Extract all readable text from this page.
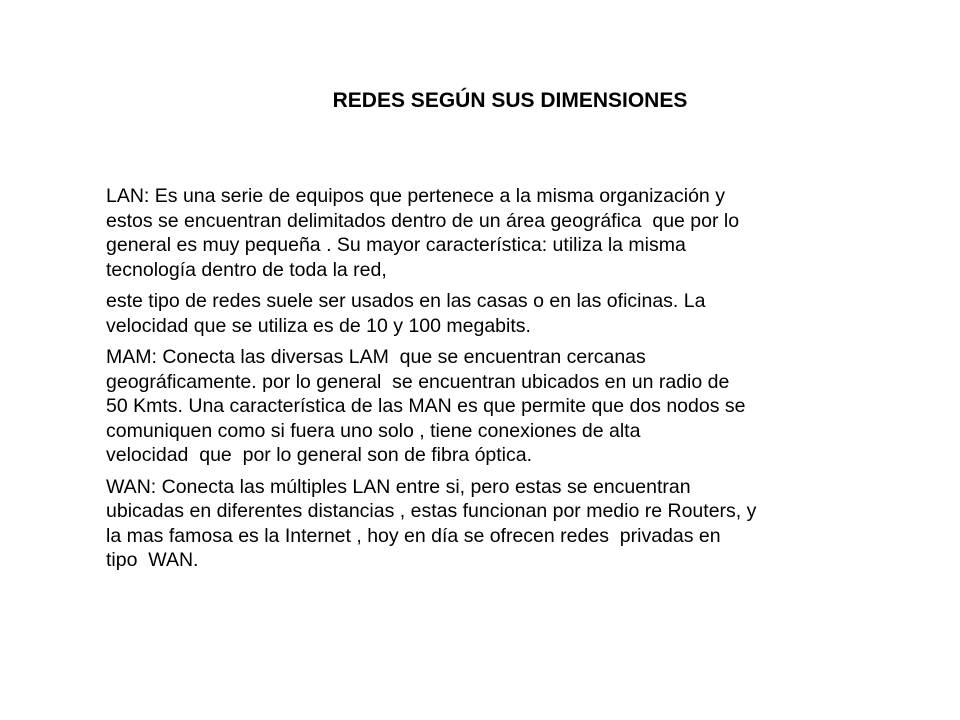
REDES SEGÚN SUS DIMENSIONES

LAN: Es una serie de equipos que pertenece a la misma organización y
estos se encuentran delimitados dentro de un área geográfica  que por lo
general es muy pequeña . Su mayor característica: utiliza la misma
tecnología dentro de toda la red,

este tipo de redes suele ser usados en las casas o en las oficinas. La
velocidad que se utiliza es de 10 y 100 megabits.

MAM: Conecta las diversas LAM  que se encuentran cercanas
geográficamente. por lo general  se encuentran ubicados en un radio de
50 Kmts. Una característica de las MAN es que permite que dos nodos se
comuniquen como si fuera uno solo , tiene conexiones de alta
velocidad  que  por lo general son de fibra óptica.

WAN: Conecta las múltiples LAN entre si, pero estas se encuentran
ubicadas en diferentes distancias , estas funcionan por medio re Routers, y
la mas famosa es la Internet , hoy en día se ofrecen redes  privadas en
tipo  WAN.
